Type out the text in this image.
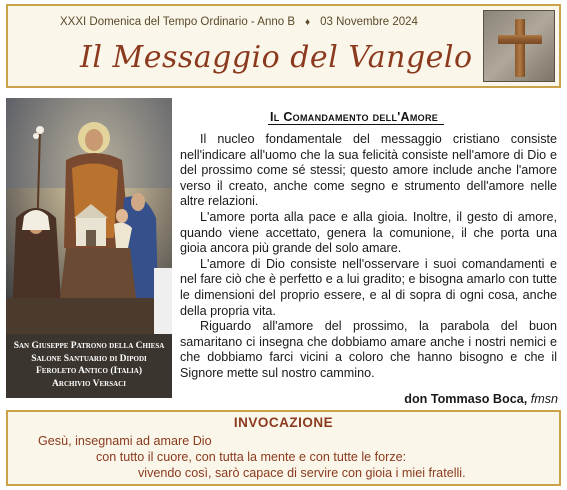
XXXI Domenica del Tempo Ordinario - Anno B ♦ 03 Novembre 2024
Il Messaggio del Vangelo
San Giuseppe Patrono della Chiesa
Salone Santuario di Dipodi
Feroleto Antico (Italia)
Archivio Versaci
Il Comandamento dell'Amore

Il nucleo fondamentale del messaggio cristiano consiste nell'indicare all'uomo che la sua felicità consiste nell'amore di Dio e del prossimo come sé stessi; questo amore include anche l'amore verso il creato, anche come segno e strumento dell'amore nelle altre relazioni.

L'amore porta alla pace e alla gioia. Inoltre, il gesto di amore, quando viene accettato, genera la comunione, il che porta una gioia ancora più grande del solo amare.

L'amore di Dio consiste nell'osservare i suoi comandamenti e nel fare ciò che è perfetto e a lui gradito; e bisogna amarlo con tutte le dimensioni del proprio essere, e al di sopra di ogni cosa, anche della propria vita.

Riguardo all'amore del prossimo, la parabola del buon samaritano ci insegna che dobbiamo amare anche i nostri nemici e che dobbiamo farci vicini a coloro che hanno bisogno e che il Signore mette sul nostro cammino.

don Tommaso Boca, fmsn
INVOCAZIONE
Gesù, insegnami ad amare Dio
con tutto il cuore, con tutta la mente e con tutte le forze:
vivendo così, sarò capace di servire con gioia i miei fratelli.
